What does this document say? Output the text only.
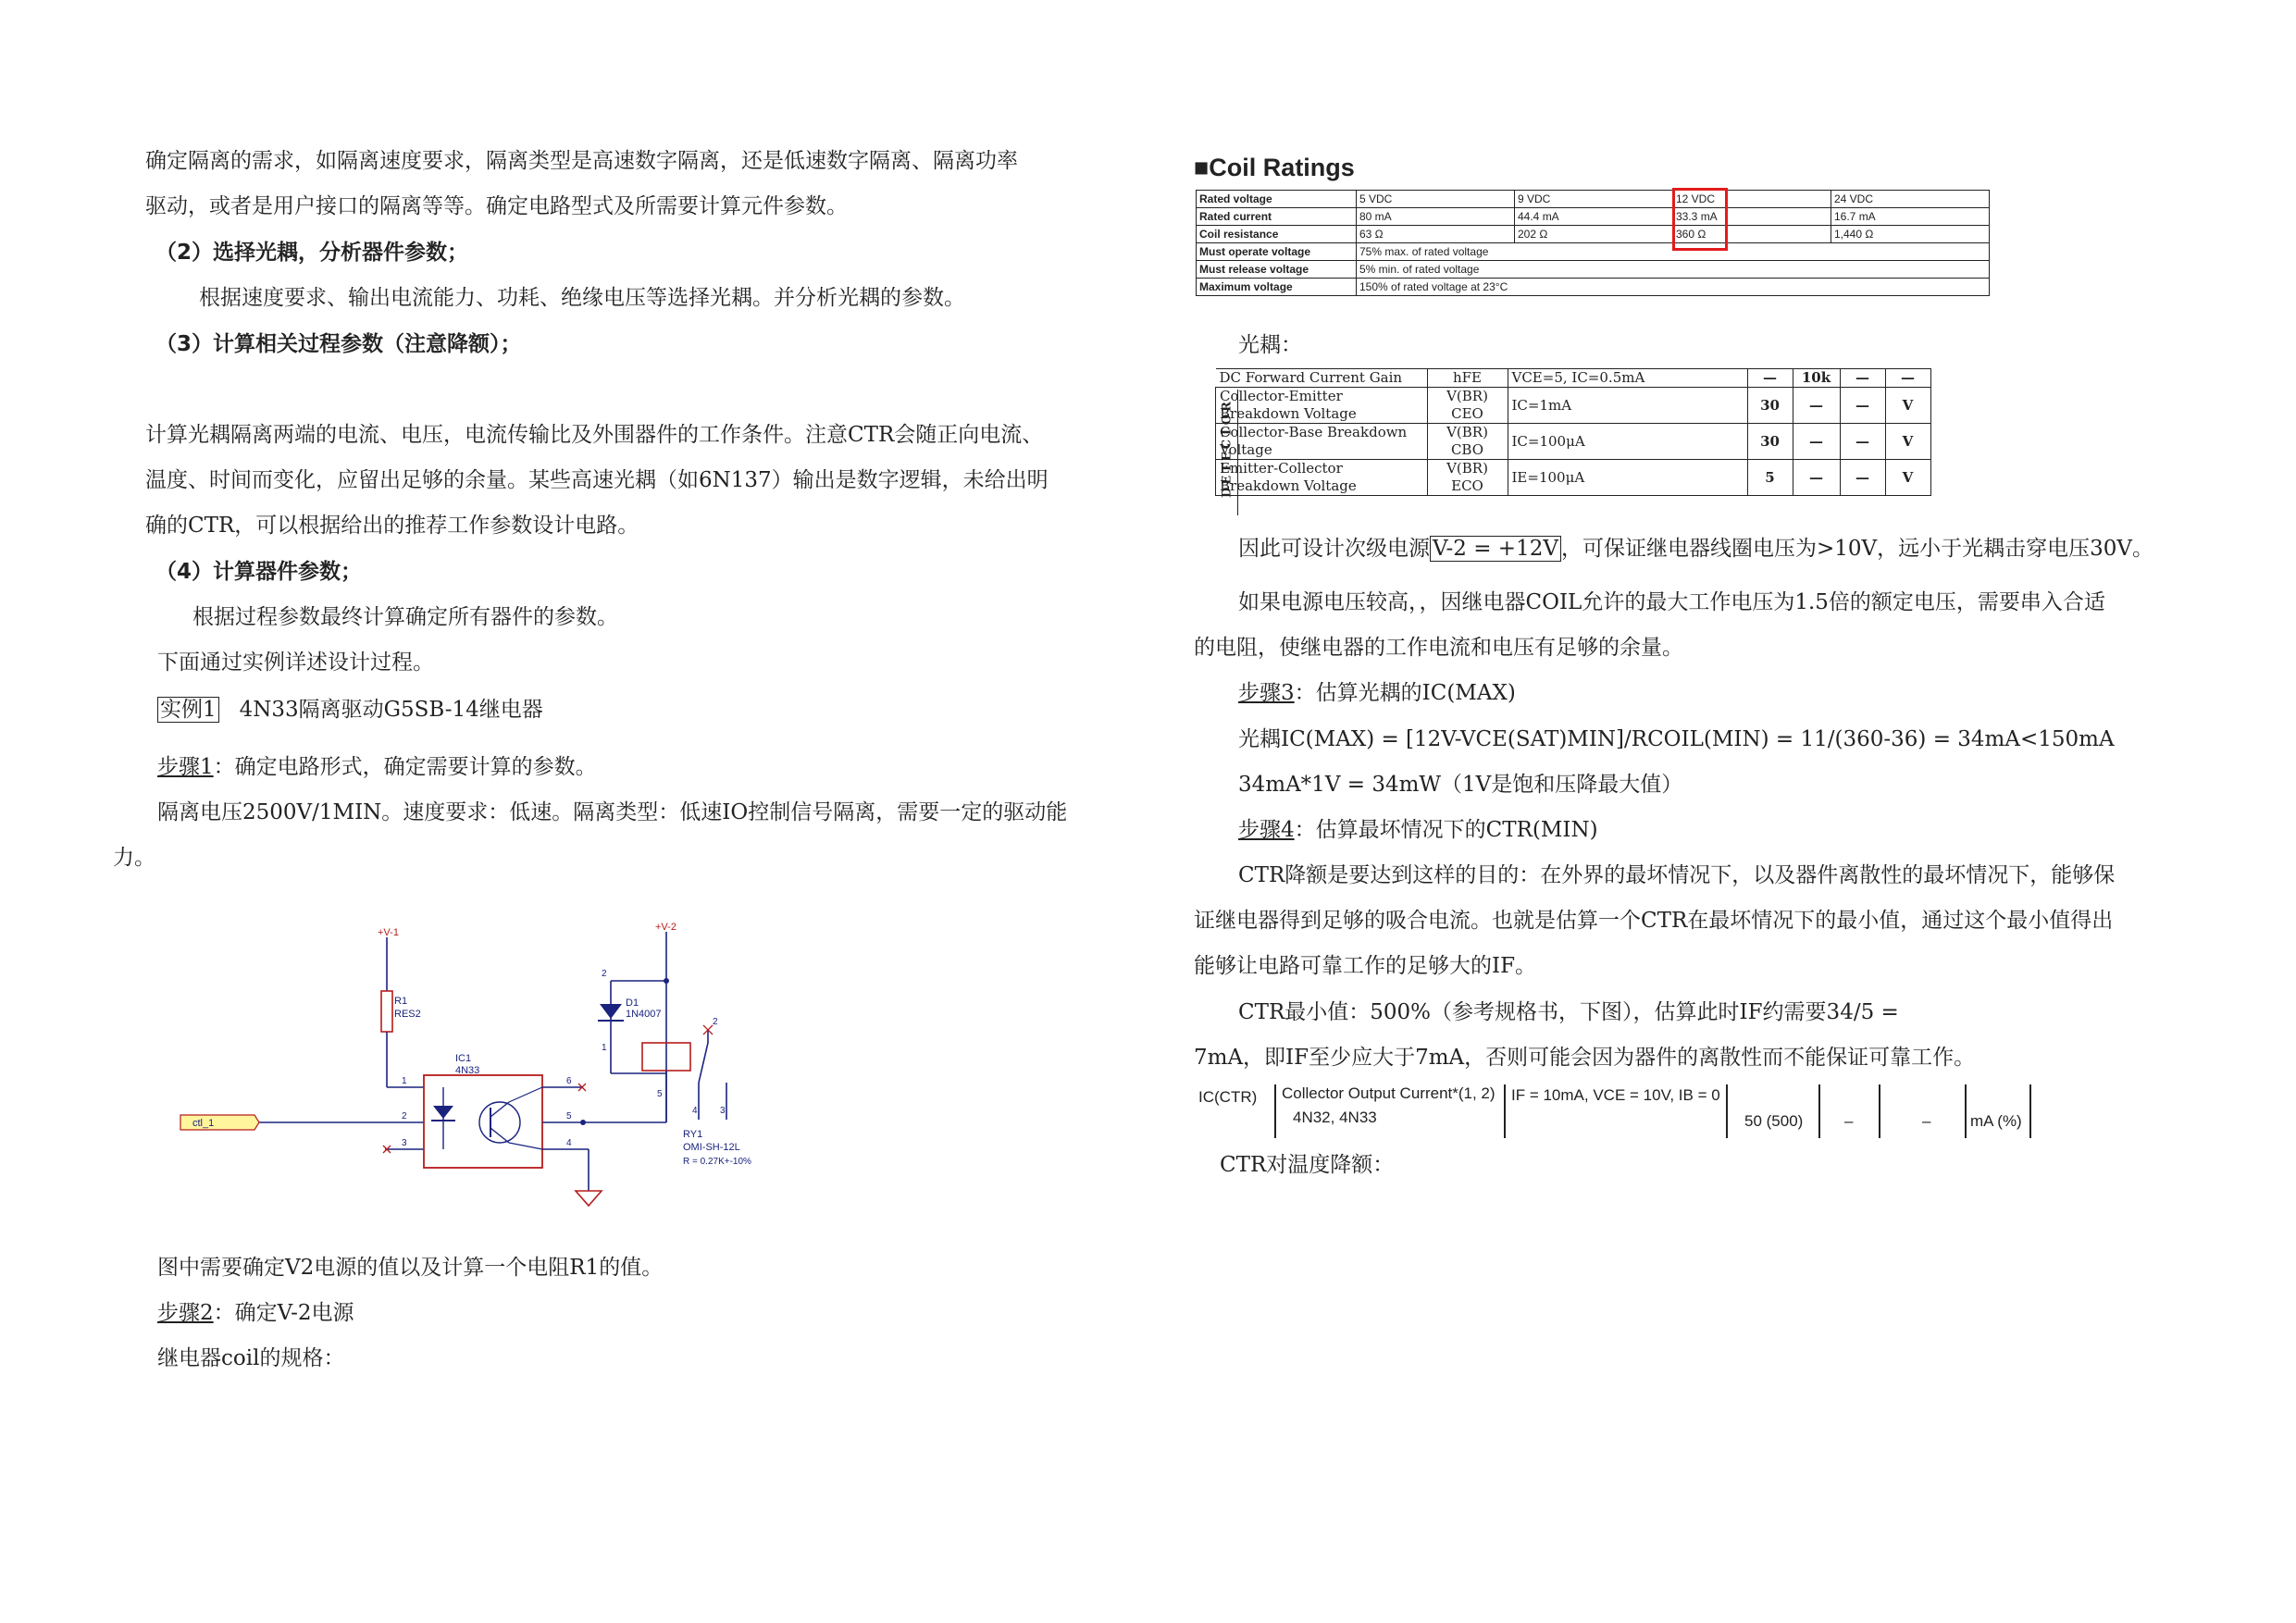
确定隔离的需求，如隔离速度要求，隔离类型是高速数字隔离，还是低速数字隔离、隔离功率
驱动，或者是用户接口的隔离等等。确定电路型式及所需要计算元件参数。
（2）选择光耦，分析器件参数；
根据速度要求、输出电流能力、功耗、绝缘电压等选择光耦。并分析光耦的参数。
（3）计算相关过程参数（注意降额）；
计算光耦隔离两端的电流、电压，电流传输比及外围器件的工作条件。注意CTR会随正向电流、
温度、时间而变化，应留出足够的余量。某些高速光耦（如6N137）输出是数字逻辑，未给出明
确的CTR，可以根据给出的推荐工作参数设计电路。
（4）计算器件参数；
根据过程参数最终计算确定所有器件的参数。
下面通过实例详述设计过程。
实例1 4N33隔离驱动G5SB-14继电器
步骤1：确定电路形式，确定需要计算的参数。
隔离电压2500V/1MIN。速度要求：低速。隔离类型：低速IO控制信号隔离，需要一定的驱动能
力。
+V-1	+V-2
R1
RES2
IC1
4N33
D1
1N4007
RY1
OMI-SH-12L
R = 0.27K+-10%
ctl_1
1
2
3	4
5
6
1
2
2
3
4
5
图中需要确定V2电源的值以及计算一个电阻R1的值。
步骤2：确定V-2电源
继电器coil的规格：
■Coil Ratings
Rated voltage	5 VDC	9 VDC	12 VDC	24 VDC
Rated current	80 mA	44.4 mA	33.3 mA	16.7 mA
Coil resistance	63 Ω	202 Ω	360 Ω	1,440 Ω
Must operate voltage	75% max. of rated voltage			
Must release voltage	5% min. of rated voltage			
Maximum voltage	150% of rated voltage at 23°C			
光耦：
DETECTOR
DC Forward Current Gain	hFE	VCE=5, IC=0.5mA	—	10k	—	—
Collector-Emitter
Breakdown Voltage	V(BR) CEO	IC=1mA	30	—	—	V
Collector-Base Breakdown
Voltage	V(BR) CBO	IC=100μA	30	—	—	V
Emitter-Collector
Breakdown Voltage	V(BR) ECO	IE=100μA	5	—	—	V
因此可设计次级电源 V-2 = +12V ，可保证继电器线圈电压为>10V，远小于光耦击穿电压30V。
如果电源电压较高，，因继电器COIL允许的最大工作电压为1.5倍的额定电压，需要串入合适
的电阻，使继电器的工作电流和电压有足够的余量。
步骤3：估算光耦的IC(MAX)
光耦IC(MAX) = [12V-VCE(SAT)MIN]/RCOIL(MIN) = 11/(360-36) = 34mA<150mA
34mA*1V = 34mW（1V是饱和压降最大值）
步骤4：估算最坏情况下的CTR(MIN)
CTR降额是要达到这样的目的：在外界的最坏情况下，以及器件离散性的最坏情况下，能够保
证继电器得到足够的吸合电流。也就是估算一个CTR在最坏情况下的最小值，通过这个最小值得出
能够让电路可靠工作的足够大的IF。
CTR最小值：500%（参考规格书，下图），估算此时IF约需要34/5 =
7mA，即IF至少应大于7mA，否则可能会因为器件的离散性而不能保证可靠工作。
IC(CTR) Collector Output Current*(1, 2)
4N32, 4N33
IF = 10mA, VCE = 10V, IB = 0
50 (500)	–	–	mA (%)
CTR对温度降额：
